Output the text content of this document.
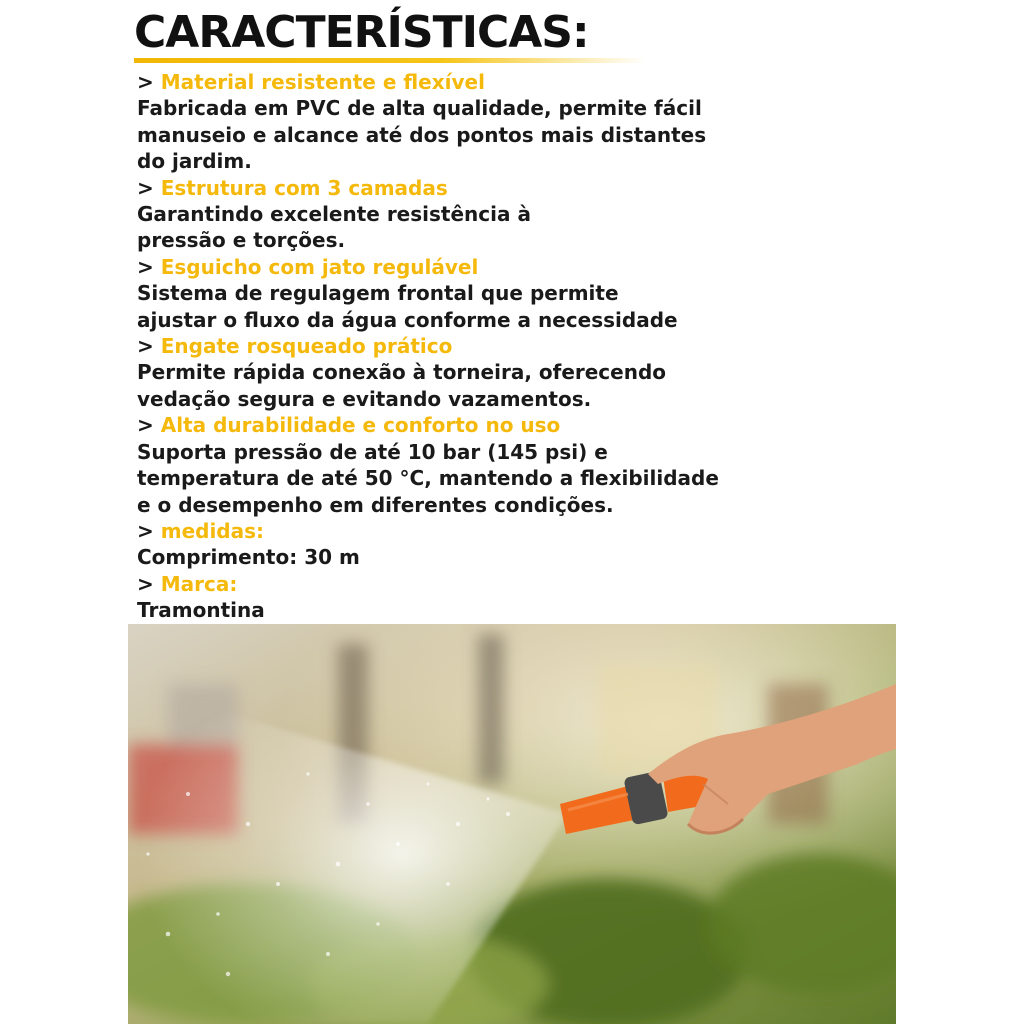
CARACTERÍSTICAS:
> Material resistente e flexível
Fabricada em PVC de alta qualidade, permite fácil
manuseio e alcance até dos pontos mais distantes
do jardim.
> Estrutura com 3 camadas
Garantindo excelente resistência à
pressão e torções.
> Esguicho com jato regulável
Sistema de regulagem frontal que permite
ajustar o fluxo da água conforme a necessidade
> Engate rosqueado prático
Permite rápida conexão à torneira, oferecendo
vedação segura e evitando vazamentos.
> Alta durabilidade e conforto no uso
Suporta pressão de até 10 bar (145 psi) e
temperatura de até 50 °C, mantendo a flexibilidade
e o desempenho em diferentes condições.
> medidas:
Comprimento: 30 m
> Marca:
Tramontina
